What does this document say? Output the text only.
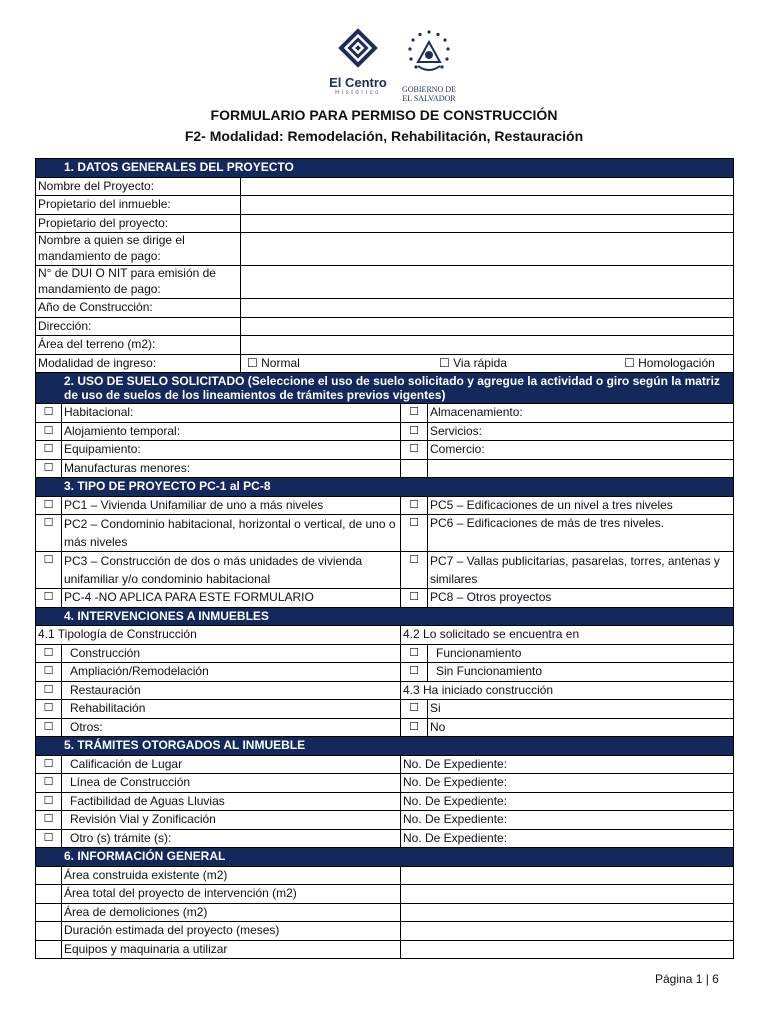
El Centro
Histórico	GOBIERNO DE
EL SALVADOR
FORMULARIO PARA PERMISO DE CONSTRUCCIÓN
F2- Modalidad: Remodelación, Rehabilitación, Restauración
1. DATOS GENERALES DEL PROYECTO				
Nombre del Proyecto:				
Propietario del inmueble:				
Propietario del proyecto:				
Nombre a quien se dirige el mandamiento de pago:				
N° de DUI O NIT para emisión de mandamiento de pago:				
Año de Construcción:				
Dirección:				
Área del terreno (m2):				
Modalidad de ingreso:		☐ Normal ☐ Via rápida ☐ Homologación		
2. USO DE SUELO SOLICITADO (Seleccione el uso de suelo solicitado y agregue la actividad o giro según la matriz de uso de suelos de los lineamientos de trámites previos vigentes)				
☐	Habitacional:		☐	Almacenamiento:
☐	Alojamiento temporal:		☐	Servicios:
☐	Equipamiento:		☐	Comercio:
☐	Manufacturas menores:			
3. TIPO DE PROYECTO PC-1 al PC-8				
☐	PC1 – Vivienda Unifamiliar de uno a más niveles		☐	PC5 – Edificaciones de un nivel a tres niveles
☐	PC2 – Condominio habitacional, horizontal o vertical, de uno o más niveles		☐	PC6 – Edificaciones de más de tres niveles.
☐	PC3 – Construcción de dos o más unidades de vivienda unifamiliar y/o condominio habitacional		☐	PC7 – Vallas publicitarias, pasarelas, torres, antenas y similares
☐	PC-4 -NO APLICA PARA ESTE FORMULARIO		☐	PC8 – Otros proyectos
4. INTERVENCIONES A INMUEBLES				
4.1 Tipología de Construcción			4.2 Lo solicitado se encuentra en	
☐	Construcción		☐	Funcionamiento
☐	Ampliación/Remodelación		☐	Sin Funcionamiento
☐	Restauración		4.3 Ha iniciado construcción	
☐	Rehabilitación		☐	Si
☐	Otros:		☐	No
5. TRÁMITES OTORGADOS AL INMUEBLE				
☐	Calificación de Lugar		No. De Expediente:	
☐	Línea de Construcción		No. De Expediente:	
☐	Factibilidad de Aguas Lluvias		No. De Expediente:	
☐	Revisión Vial y Zonificación		No. De Expediente:	
☐	Otro (s) trámite (s):		No. De Expediente:	
6. INFORMACIÓN GENERAL				
	Área construida existente (m2)			
	Área total del proyecto de intervención (m2)			
	Área de demoliciones (m2)			
	Duración estimada del proyecto (meses)			
	Equipos y maquinaria a utilizar			
Página 1 | 6
